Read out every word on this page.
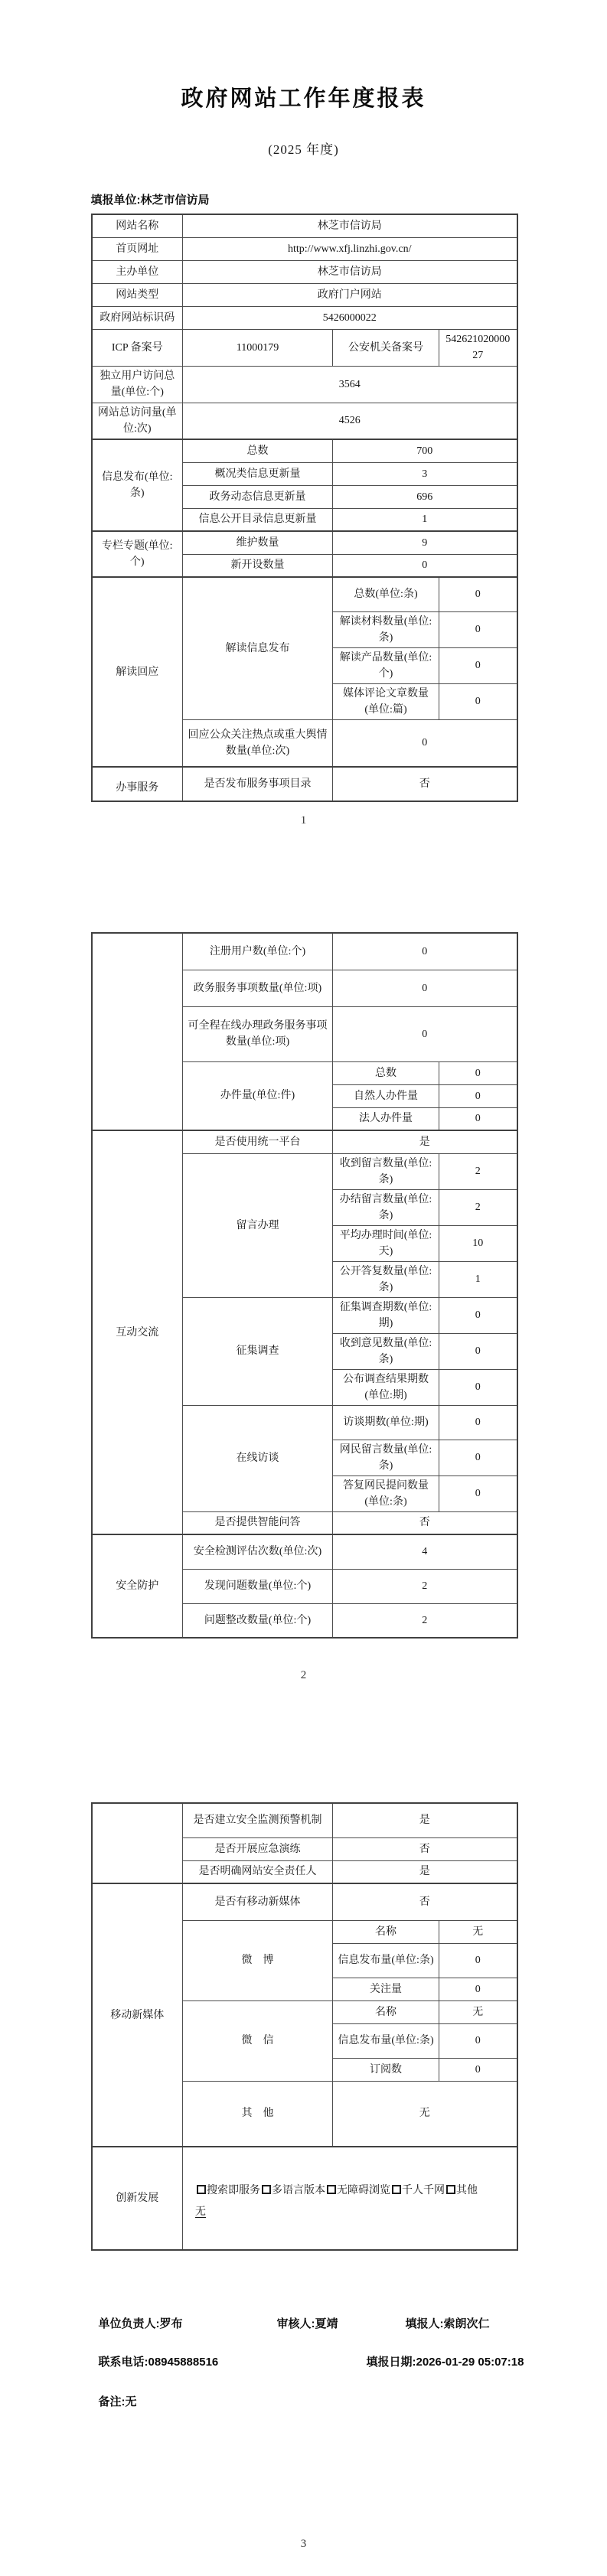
政府网站工作年度报表
(2025 年度)
填报单位:林芝市信访局
网站名称	林芝市信访局		
首页网址	http://www.xfj.linzhi.gov.cn/		
主办单位	林芝市信访局		
网站类型	政府门户网站		
政府网站标识码	5426000022		
ICP 备案号	11000179	公安机关备案号	54262102000027
独立用户访问总量(单位:个)	3564		
网站总访问量(单位:次)	4526		
信息发布(单位:条)	总数	700	
	概况类信息更新量	3	
	政务动态信息更新量	696	
	信息公开目录信息更新量	1	
专栏专题(单位:个)	维护数量	9	
	新开设数量	0	
解读回应	解读信息发布	总数(单位:条)	0
		解读材料数量(单位:条)	0
		解读产品数量(单位:个)	0
		媒体评论文章数量(单位:篇)	0
	回应公众关注热点或重大舆情数量(单位:次)	0	
办事服务	是否发布服务事项目录	否	
1
	注册用户数(单位:个)	0	
	政务服务事项数量(单位:项)	0	
	可全程在线办理政务服务事项数量(单位:项)	0	
	办件量(单位:件)	总数	0
		自然人办件量	0
		法人办件量	0
互动交流	是否使用统一平台	是	
	留言办理	收到留言数量(单位:条)	2
		办结留言数量(单位:条)	2
		平均办理时间(单位:天)	10
		公开答复数量(单位:条)	1
	征集调查	征集调查期数(单位:期)	0
		收到意见数量(单位:条)	0
		公布调查结果期数(单位:期)	0
	在线访谈	访谈期数(单位:期)	0
		网民留言数量(单位:条)	0
		答复网民提问数量(单位:条)	0
	是否提供智能问答	否	
安全防护	安全检测评估次数(单位:次)	4	
	发现问题数量(单位:个)	2	
	问题整改数量(单位:个)	2	
2
	是否建立安全监测预警机制	是	
	是否开展应急演练	否	
	是否明确网站安全责任人	是	
移动新媒体	是否有移动新媒体	否	
	微　博	名称	无
		信息发布量(单位:条)	0
		关注量	0
	微　信	名称	无
		信息发布量(单位:条)	0
		订阅数	0
	其　他	无	
创新发展	搜索即服务 多语言版本 无障碍浏览 千人千网 其他
无		
单位负责人:罗布	审核人:夏靖	填报人:索朗次仁
联系电话:08945888516	填报日期:2026-01-29 05:07:18
备注:无
3
